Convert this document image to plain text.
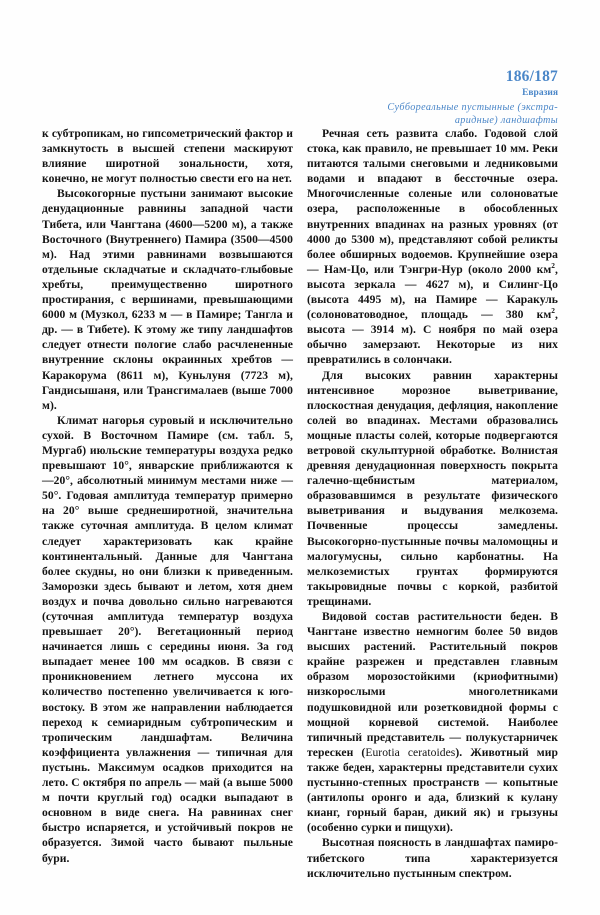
186/187
Евразия
Суббореальные пустынные (экстра-
аридные) ландшафты

к субтропикам, но гипсометрический фактор и замкнутость в высшей степени маскируют влияние широтной зональности, хотя, конечно, не могут полностью свести его на нет.

Высокогорные пустыни занимают высокие денудационные равнины западной части Тибета, или Чангтана (4600—5200 м), а также Восточного (Внутреннего) Памира (3500—4500 м). Над этими равнинами возвышаются отдельные складчатые и складчато-глыбовые хребты, преимущественно широтного простирания, с вершинами, превышающими 6000 м (Музкол, 6233 м — в Памире; Тангла и др. — в Тибете). К этому же типу ландшафтов следует отнести пологие слабо расчлененные внутренние склоны окраинных хребтов — Каракорума (8611 м), Куньлуня (7723 м), Гандисышаня, или Трансгималаев (выше 7000 м).

Климат нагорья суровый и исключительно сухой. В Восточном Памире (см. табл. 5, Мургаб) июльские температуры воздуха редко превышают 10°, январские приближаются к —20°, абсолютный минимум местами ниже —50°. Годовая амплитуда температур примерно на 20° выше среднеширотной, значительна также суточная амплитуда. В целом климат следует характеризовать как крайне континентальный. Данные для Чангтана более скудны, но они близки к приведенным. Заморозки здесь бывают и летом, хотя днем воздух и почва довольно сильно нагреваются (суточная амплитуда температур воздуха превышает 20°). Вегетационный период начинается лишь с середины июня. За год выпадает менее 100 мм осадков. В связи с проникновением летнего муссона их количество постепенно увеличивается к юго-востоку. В этом же направлении наблюдается переход к семиаридным субтропическим и тропическим ландшафтам. Величина коэффициента увлажнения — типичная для пустынь. Максимум осадков приходится на лето. С октября по апрель — май (а выше 5000 м почти круглый год) осадки выпадают в основном в виде снега. На равнинах снег быстро испаряется, и устойчивый покров не образуется. Зимой часто бывают пыльные бури.

Речная сеть развита слабо. Годовой слой стока, как правило, не превышает 10 мм. Реки питаются талыми снеговыми и ледниковыми водами и впадают в бессточные озера. Многочисленные соленые или солоноватые озера, расположенные в обособленных внутренних впадинах на разных уровнях (от 4000 до 5300 м), представляют собой реликты более обширных водоемов. Крупнейшие озера — Нам-Цо, или Тэнгри-Нур (около 2000 $км^2$, высота зеркала — 4627 м), и Силинг-Цо (высота 4495 м), на Памире — Каракуль (солоноватоводное, площадь — 380 $км^2$, высота — 3914 м). С ноября по май озера обычно замерзают. Некоторые из них превратились в солончаки.

Для высоких равнин характерны интенсивное морозное выветривание, плоскостная денудация, дефляция, накопление солей во впадинах. Местами образовались мощные пласты солей, которые подвергаются ветровой скульптурной обработке. Волнистая древняя денудационная поверхность покрыта галечно-щебнистым материалом, образовавшимся в результате физического выветривания и выдувания мелкозема. Почвенные процессы замедлены. Высокогорно-пустынные почвы маломощны и малогумусны, сильно карбонатны. На мелкоземистых грунтах формируются такыровидные почвы с коркой, разбитой трещинами.

Видовой состав растительности беден. В Чангтане известно немногим более 50 видов высших растений. Растительный покров крайне разрежен и представлен главным образом морозостойкими (криофитными) низкорослыми многолетниками подушковидной или розетковидной формы с мощной корневой системой. Наиболее типичный представитель — полукустарничек терескен (Eurotia ceratoides). Животный мир также беден, характерны представители сухих пустынно-степных пространств — копытные (антилопы оронго и ада, близкий к кулану кианг, горный баран, дикий як) и грызуны (особенно сурки и пищухи).

Высотная поясность в ландшафтах памиро-тибетского типа характеризуется исключительно пустынным спектром.
